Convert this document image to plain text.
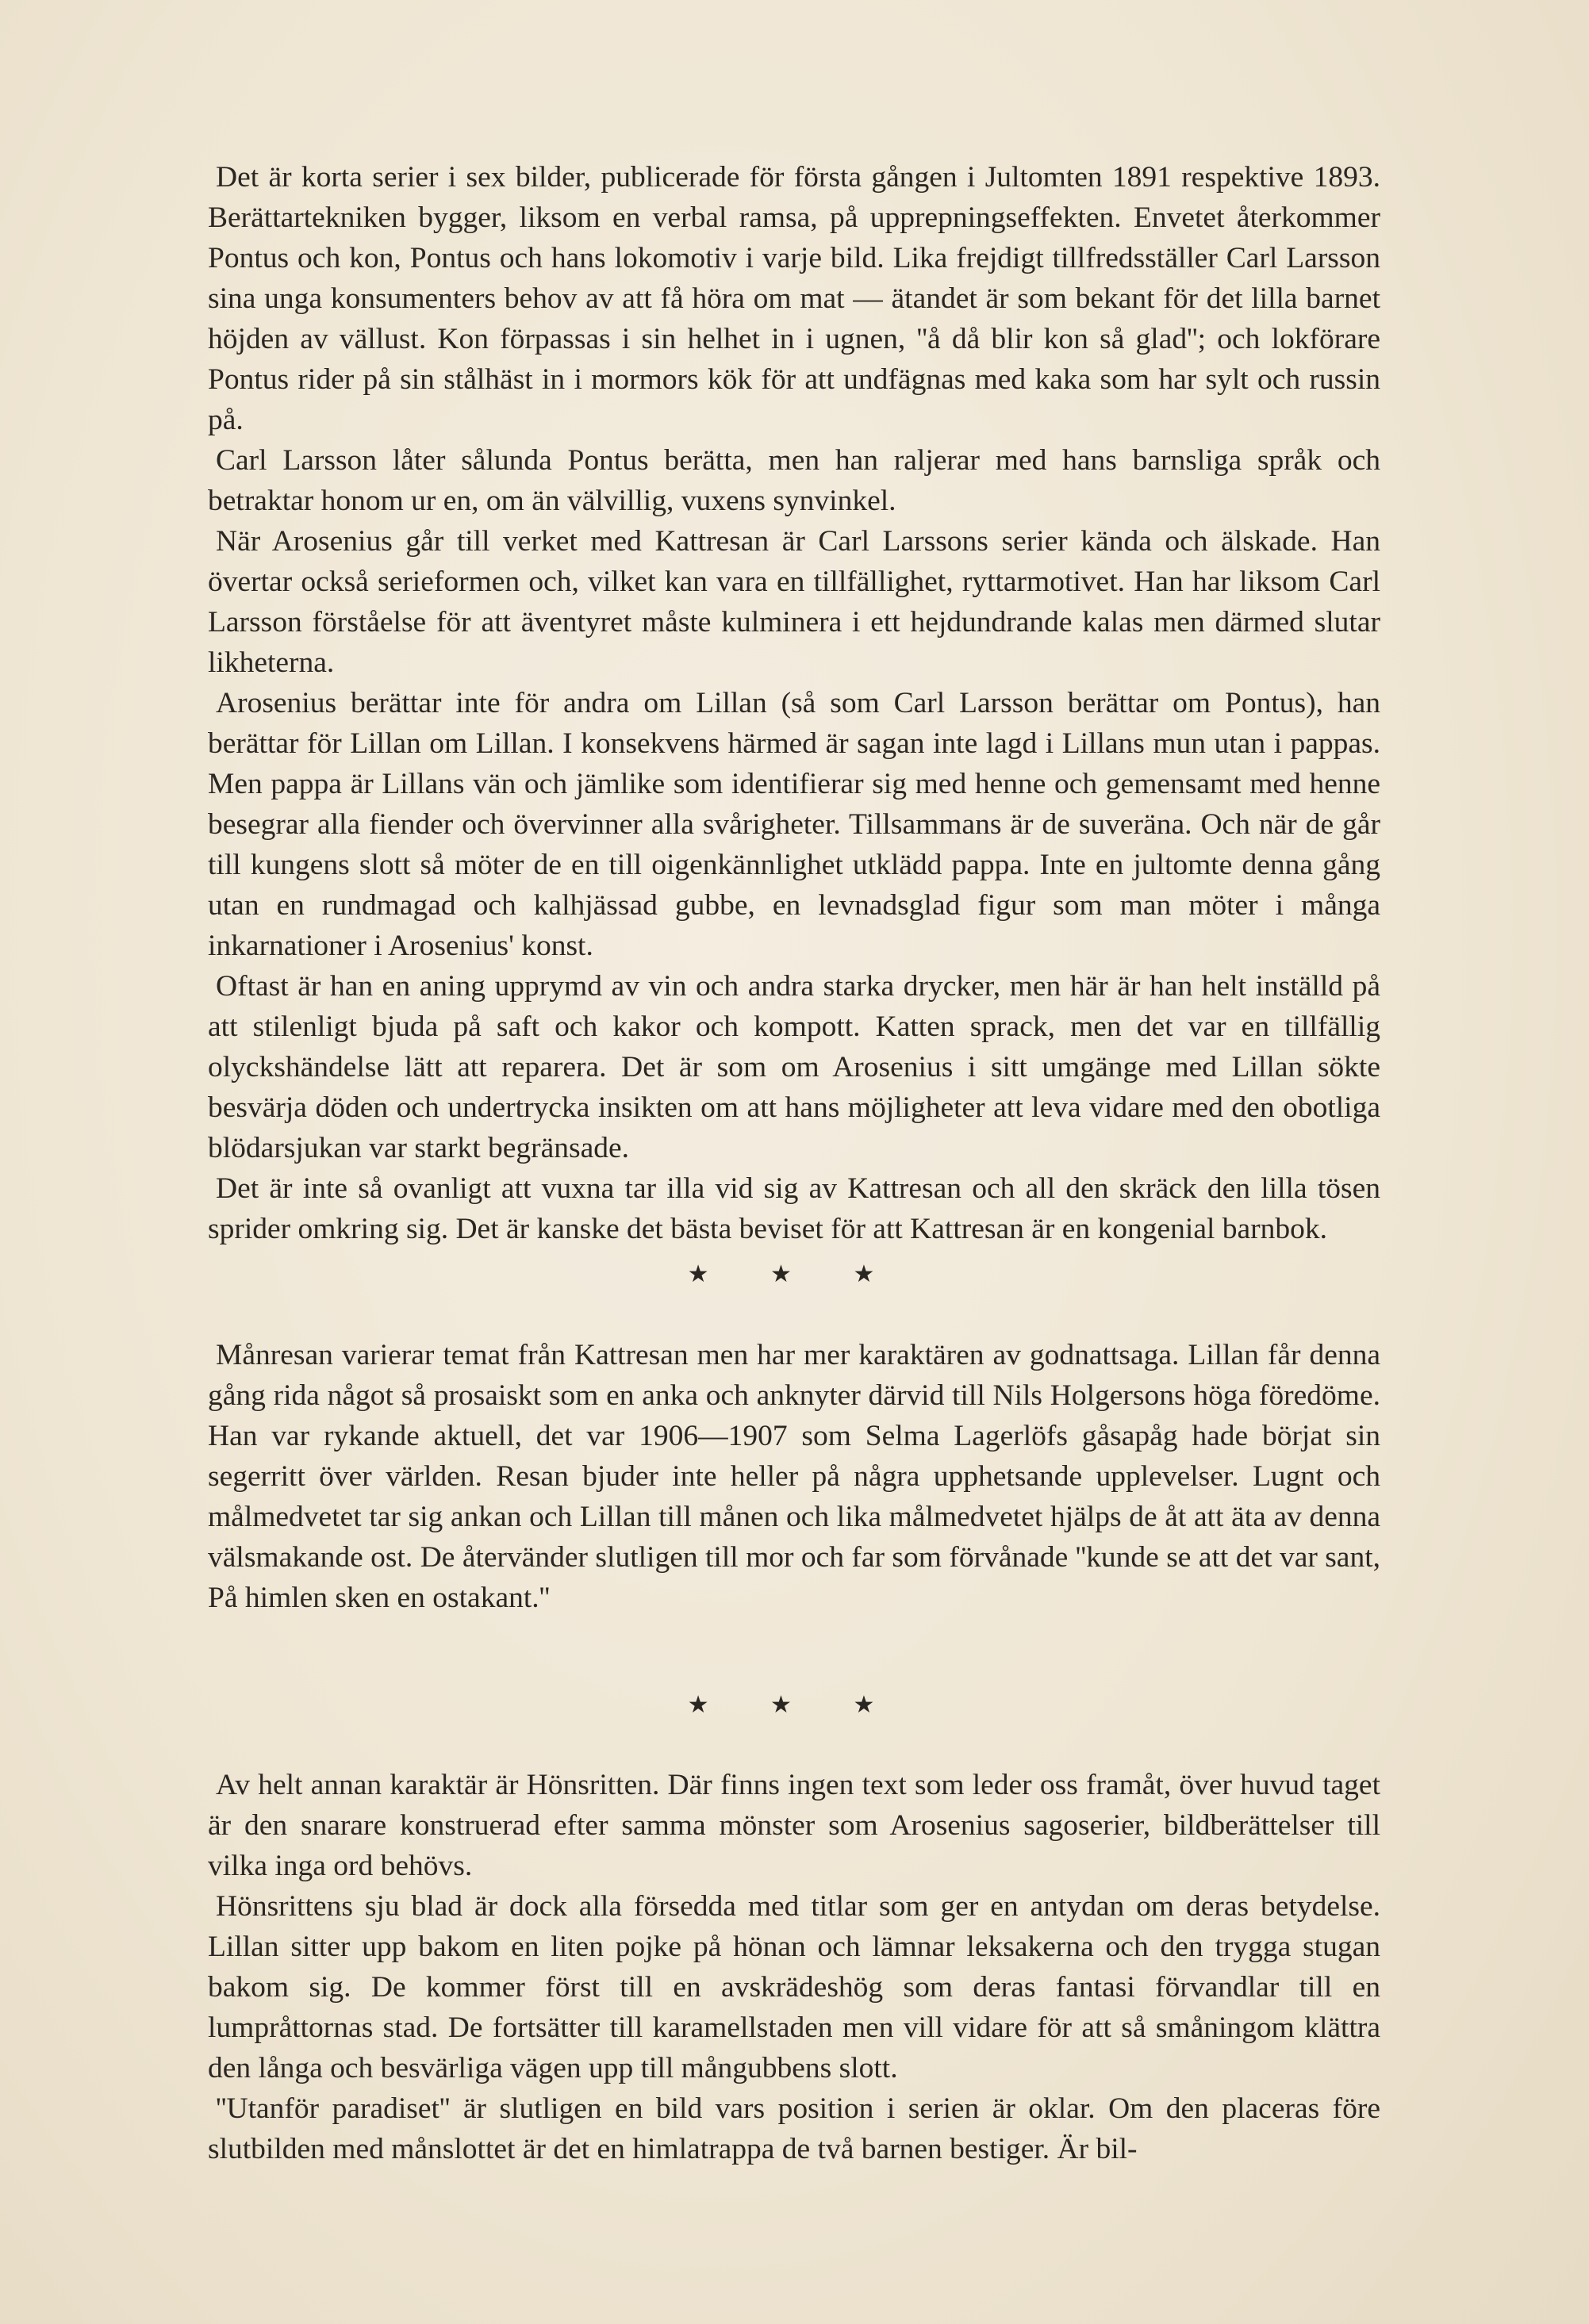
Det är korta serier i sex bilder, publicerade för första gången i Jultomten 1891 respektive 1893. Berättartekniken bygger, liksom en verbal ramsa, på upprepningseffekten. Envetet återkommer Pontus och kon, Pontus och hans lokomotiv i varje bild. Lika frejdigt tillfredsställer Carl Larsson sina unga konsumenters behov av att få höra om mat — ätandet är som bekant för det lilla barnet höjden av vällust. Kon förpassas i sin helhet in i ugnen, ''å då blir kon så glad''; och lokförare Pontus rider på sin stålhäst in i mormors kök för att undfägnas med kaka som har sylt och russin på.

Carl Larsson låter sålunda Pontus berätta, men han raljerar med hans barnsliga språk och betraktar honom ur en, om än välvillig, vuxens synvinkel.

När Arosenius går till verket med Kattresan är Carl Larssons serier kända och älskade. Han övertar också serieformen och, vilket kan vara en tillfällighet, ryttarmotivet. Han har liksom Carl Larsson förståelse för att äventyret måste kulminera i ett hejdundrande kalas men därmed slutar likheterna.

Arosenius berättar inte för andra om Lillan (så som Carl Larsson berättar om Pontus), han berättar för Lillan om Lillan. I konsekvens härmed är sagan inte lagd i Lillans mun utan i pappas. Men pappa är Lillans vän och jämlike som identifierar sig med henne och gemensamt med henne besegrar alla fiender och övervinner alla svårigheter. Tillsammans är de suveräna. Och när de går till kungens slott så möter de en till oigenkännlighet utklädd pappa. Inte en jultomte denna gång utan en rundmagad och kalhjässad gubbe, en levnadsglad figur som man möter i många inkarnationer i Arosenius' konst.

Oftast är han en aning upprymd av vin och andra starka drycker, men här är han helt inställd på att stilenligt bjuda på saft och kakor och kompott. Katten sprack, men det var en tillfällig olyckshändelse lätt att reparera. Det är som om Arosenius i sitt umgänge med Lillan sökte besvärja döden och undertrycka insikten om att hans möjligheter att leva vidare med den obotliga blödarsjukan var starkt begränsade.

Det är inte så ovanligt att vuxna tar illa vid sig av Kattresan och all den skräck den lilla tösen sprider omkring sig. Det är kanske det bästa beviset för att Kattresan är en kongenial barnbok.

★ ★ ★

Månresan varierar temat från Kattresan men har mer karaktären av godnattsaga. Lillan får denna gång rida något så prosaiskt som en anka och anknyter därvid till Nils Holgersons höga föredöme. Han var rykande aktuell, det var 1906—1907 som Selma Lagerlöfs gåsapåg hade börjat sin segerritt över världen. Resan bjuder inte heller på några upphetsande upplevelser. Lugnt och målmedvetet tar sig ankan och Lillan till månen och lika målmedvetet hjälps de åt att äta av denna välsmakande ost. De återvänder slutligen till mor och far som förvånade ''kunde se att det var sant, På himlen sken en ostakant.''

★ ★ ★

Av helt annan karaktär är Hönsritten. Där finns ingen text som leder oss framåt, över huvud taget är den snarare konstruerad efter samma mönster som Arosenius sagoserier, bildberättelser till vilka inga ord behövs.

Hönsrittens sju blad är dock alla försedda med titlar som ger en antydan om deras betydelse. Lillan sitter upp bakom en liten pojke på hönan och lämnar leksakerna och den trygga stugan bakom sig. De kommer först till en avskrädeshög som deras fantasi förvandlar till en lumpråttornas stad. De fortsätter till karamellstaden men vill vidare för att så småningom klättra den långa och besvärliga vägen upp till mångubbens slott.

''Utanför paradiset'' är slutligen en bild vars position i serien är oklar. Om den placeras före slutbilden med månslottet är det en himlatrappa de två barnen bestiger. Är bil-
